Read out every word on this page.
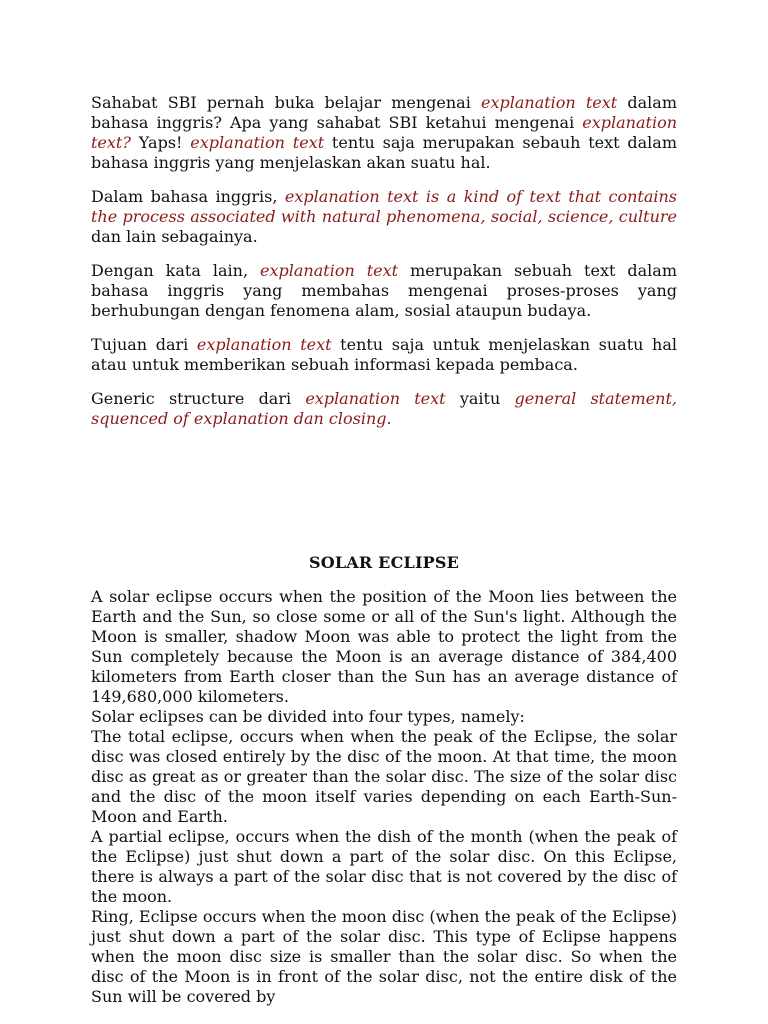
Sahabat SBI pernah buka belajar mengenai explanation text dalam bahasa inggris? Apa yang sahabat SBI ketahui mengenai explanation text? Yaps! explanation text tentu saja merupakan sebauh text dalam bahasa inggris yang menjelaskan akan suatu hal.

Dalam bahasa inggris, explanation text is a kind of text that contains the process associated with natural phenomena, social, science, culture dan lain sebagainya.

Dengan kata lain, explanation text merupakan sebuah text dalam bahasa inggris yang membahas mengenai proses-proses yang berhubungan dengan fenomena alam, sosial ataupun budaya.

Tujuan dari explanation text tentu saja untuk menjelaskan suatu hal atau untuk memberikan sebuah informasi kepada pembaca.

Generic structure dari explanation text yaitu general statement, squenced of explanation dan closing.

SOLAR ECLIPSE

A solar eclipse occurs when the position of the Moon lies between the Earth and the Sun, so close some or all of the Sun's light. Although the Moon is smaller, shadow Moon was able to protect the light from the Sun completely because the Moon is an average distance of 384,400 kilometers from Earth closer than the Sun has an average distance of 149,680,000 kilometers.

Solar eclipses can be divided into four types, namely:

The total eclipse, occurs when when the peak of the Eclipse, the solar disc was closed entirely by the disc of the moon. At that time, the moon disc as great as or greater than the solar disc. The size of the solar disc and the disc of the moon itself varies depending on each Earth-Sun-Moon and Earth.

A partial eclipse, occurs when the dish of the month (when the peak of the Eclipse) just shut down a part of the solar disc. On this Eclipse, there is always a part of the solar disc that is not covered by the disc of the moon.

Ring, Eclipse occurs when the moon disc (when the peak of the Eclipse) just shut down a part of the solar disc. This type of Eclipse happens when the moon disc size is smaller than the solar disc. So when the disc of the Moon is in front of the solar disc, not the entire disk of the Sun will be covered by
